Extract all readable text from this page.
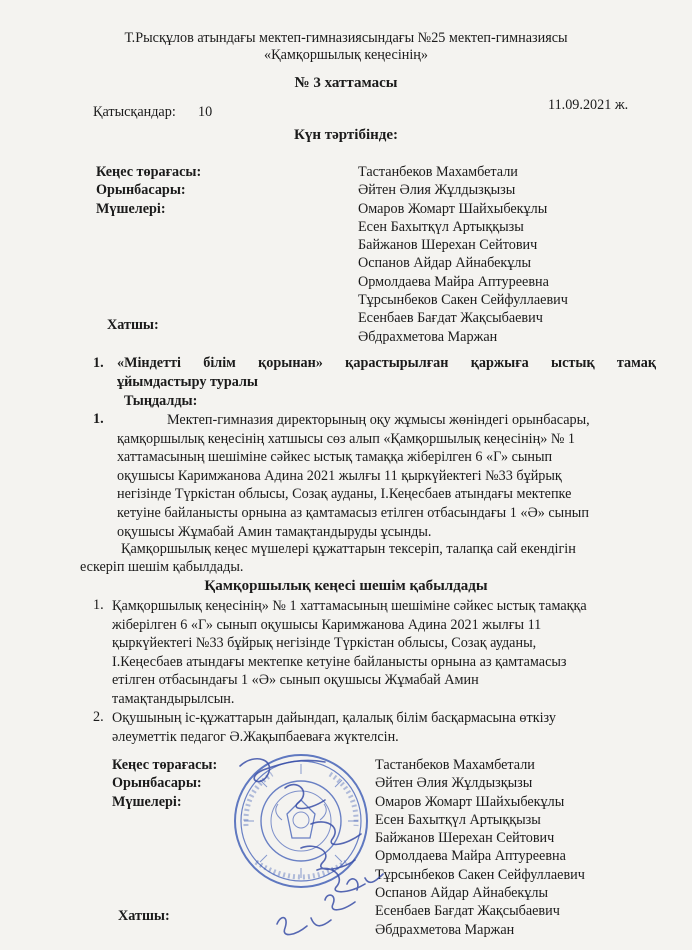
Т.Рысқұлов атындағы мектеп-гимназиясындағы №25 мектеп-гимназиясы
«Қамқоршылық кеңесінің»
№ 3 хаттамасы
Қатысқандар: 10	11.09.2021 ж.
Күн тәртібінде:
Кеңес төрағасы:
Орынбасары:
Мүшелері:
Хатшы:
Тастанбеков Махамбетали
Әйтен Әлия Жұлдызқызы
Омаров Жомарт Шайхыбекұлы
Есен Бахытқүл Артыққызы
Байжанов Шерехан Сейтович
Оспанов Айдар Айнабекұлы
Ормолдаева Майра Аптуреевна
Тұрсынбеков Сакен Сейфуллаевич
Есенбаев Бағдат Жақсыбаевич
Әбдрахметова Маржан
1. «Міндетті білім қорынан» қарастырылған қаржыға ыстық тамақ
ұйымдастыру туралы
Тыңдалды:
1.	Мектеп-гимназия директорының оқу жұмысы жөніндегі орынбасары,
қамқоршылық кеңесінің хатшысы сөз алып «Қамқоршылық кеңесінің» № 1
хаттамасының шешіміне сәйкес ыстық тамаққа жіберілген 6 «Г» сынып
оқушысы Каримжанова Адина 2021 жылғы 11 қыркүйектегі №33 бұйрық
негізінде Түркістан облысы, Созақ ауданы, І.Кеңесбаев атындағы мектепке
кетуіне байланысты орнына аз қамтамасыз етілген отбасындағы 1 «Ә» сынып
оқушысы Жұмабай Амин тамақтандыруды ұсынды.
Қамқоршылық кеңес мүшелері құжаттарын тексеріп, талапқа сай екендігін
ескеріп шешім қабылдады.
Қамқоршылық кеңесі шешім қабылдады
1. Қамқоршылық кеңесінің» № 1 хаттамасының шешіміне сәйкес ыстық тамаққа
жіберілген 6 «Г» сынып оқушысы Каримжанова Адина 2021 жылғы 11
қыркүйектегі №33 бұйрық негізінде Түркістан облысы, Созақ ауданы,
І.Кеңесбаев атындағы мектепке кетуіне байланысты орнына аз қамтамасыз
етілген отбасындағы 1 «Ә» сынып оқушысы Жұмабай Амин
тамақтандырылсын.
2. Оқушының іс-құжаттарын дайындап, қалалық білім басқармасына өткізу
әлеуметтік педагог Ә.Жақыпбаеваға жүктелсін.
Кеңес төрағасы:
Орынбасары:
Мүшелері:
Хатшы:
Тастанбеков Махамбетали
Әйтен Әлия Жұлдызқызы
Омаров Жомарт Шайхыбекұлы
Есен Бахытқүл Артыққызы
Байжанов Шерехан Сейтович
Ормолдаева Майра Аптуреевна
Тұрсынбеков Сакен Сейфуллаевич
Оспанов Айдар Айнабекұлы
Есенбаев Бағдат Жақсыбаевич
Әбдрахметова Маржан
